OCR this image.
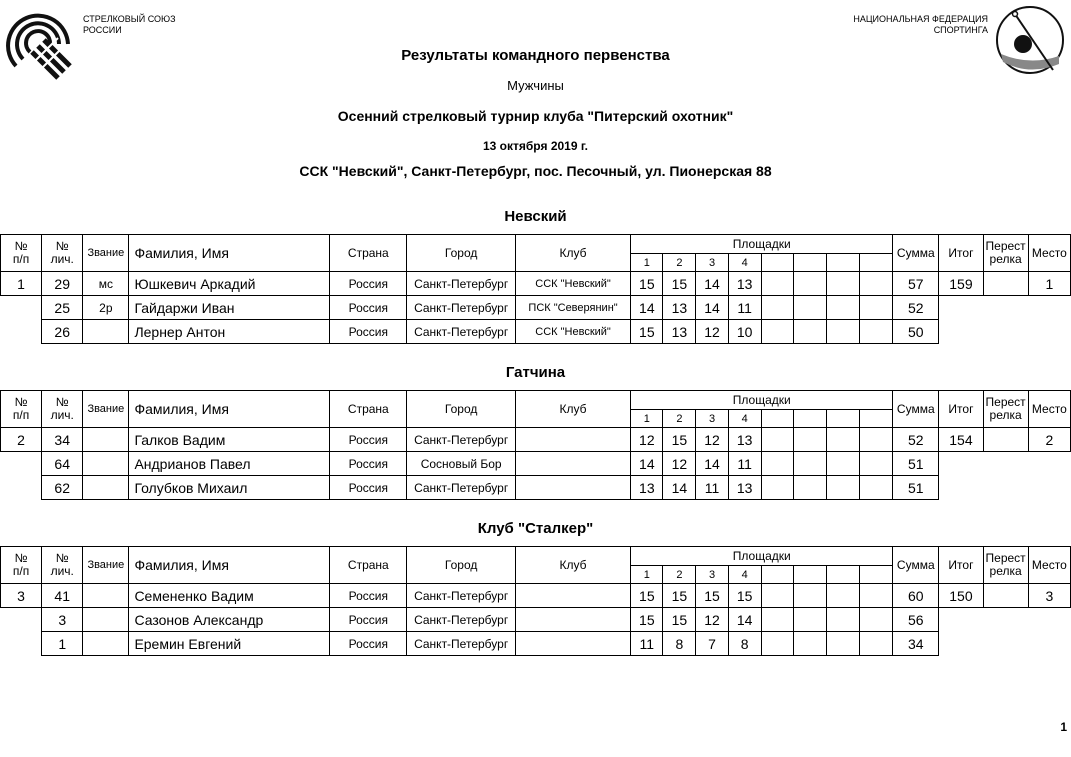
СТРЕЛКОВЫЙ СОЮЗ
РОССИИ
НАЦИОНАЛЬНАЯ ФЕДЕРАЦИЯ
СПОРТИНГА
Результаты командного первенства
Мужчины
Осенний стрелковый турнир клуба "Питерский охотник"
13 октября 2019 г.
ССК "Невский", Санкт-Петербург, пос. Песочный, ул. Пионерская 88
Невский
№
п/п	№
лич.	Звание	Фамилия, Имя	Страна	Город	Клуб	Площадки								Сумма	Итог	Перест
релка	Место
							1	2	3	4								
1	29	мс	Юшкевич Аркадий	Россия	Санкт-Петербург	ССК "Невский"	15	15	14	13					57	159		1
	25	2р	Гайдаржи Иван	Россия	Санкт-Петербург	ПСК "Северянин"	14	13	14	11					52			
	26		Лернер Антон	Россия	Санкт-Петербург	ССК "Невский"	15	13	12	10					50			
Гатчина
№
п/п	№
лич.	Звание	Фамилия, Имя	Страна	Город	Клуб	Площадки								Сумма	Итог	Перест
релка	Место
							1	2	3	4								
2	34		Галков Вадим	Россия	Санкт-Петербург		12	15	12	13					52	154		2
	64		Андрианов Павел	Россия	Сосновый Бор		14	12	14	11					51			
	62		Голубков Михаил	Россия	Санкт-Петербург		13	14	11	13					51			
Клуб "Сталкер"
№
п/п	№
лич.	Звание	Фамилия, Имя	Страна	Город	Клуб	Площадки								Сумма	Итог	Перест
релка	Место
							1	2	3	4								
3	41		Семененко Вадим	Россия	Санкт-Петербург		15	15	15	15					60	150		3
	3		Сазонов Александр	Россия	Санкт-Петербург		15	15	12	14					56			
	1		Еремин Евгений	Россия	Санкт-Петербург		11	8	7	8					34			
1
